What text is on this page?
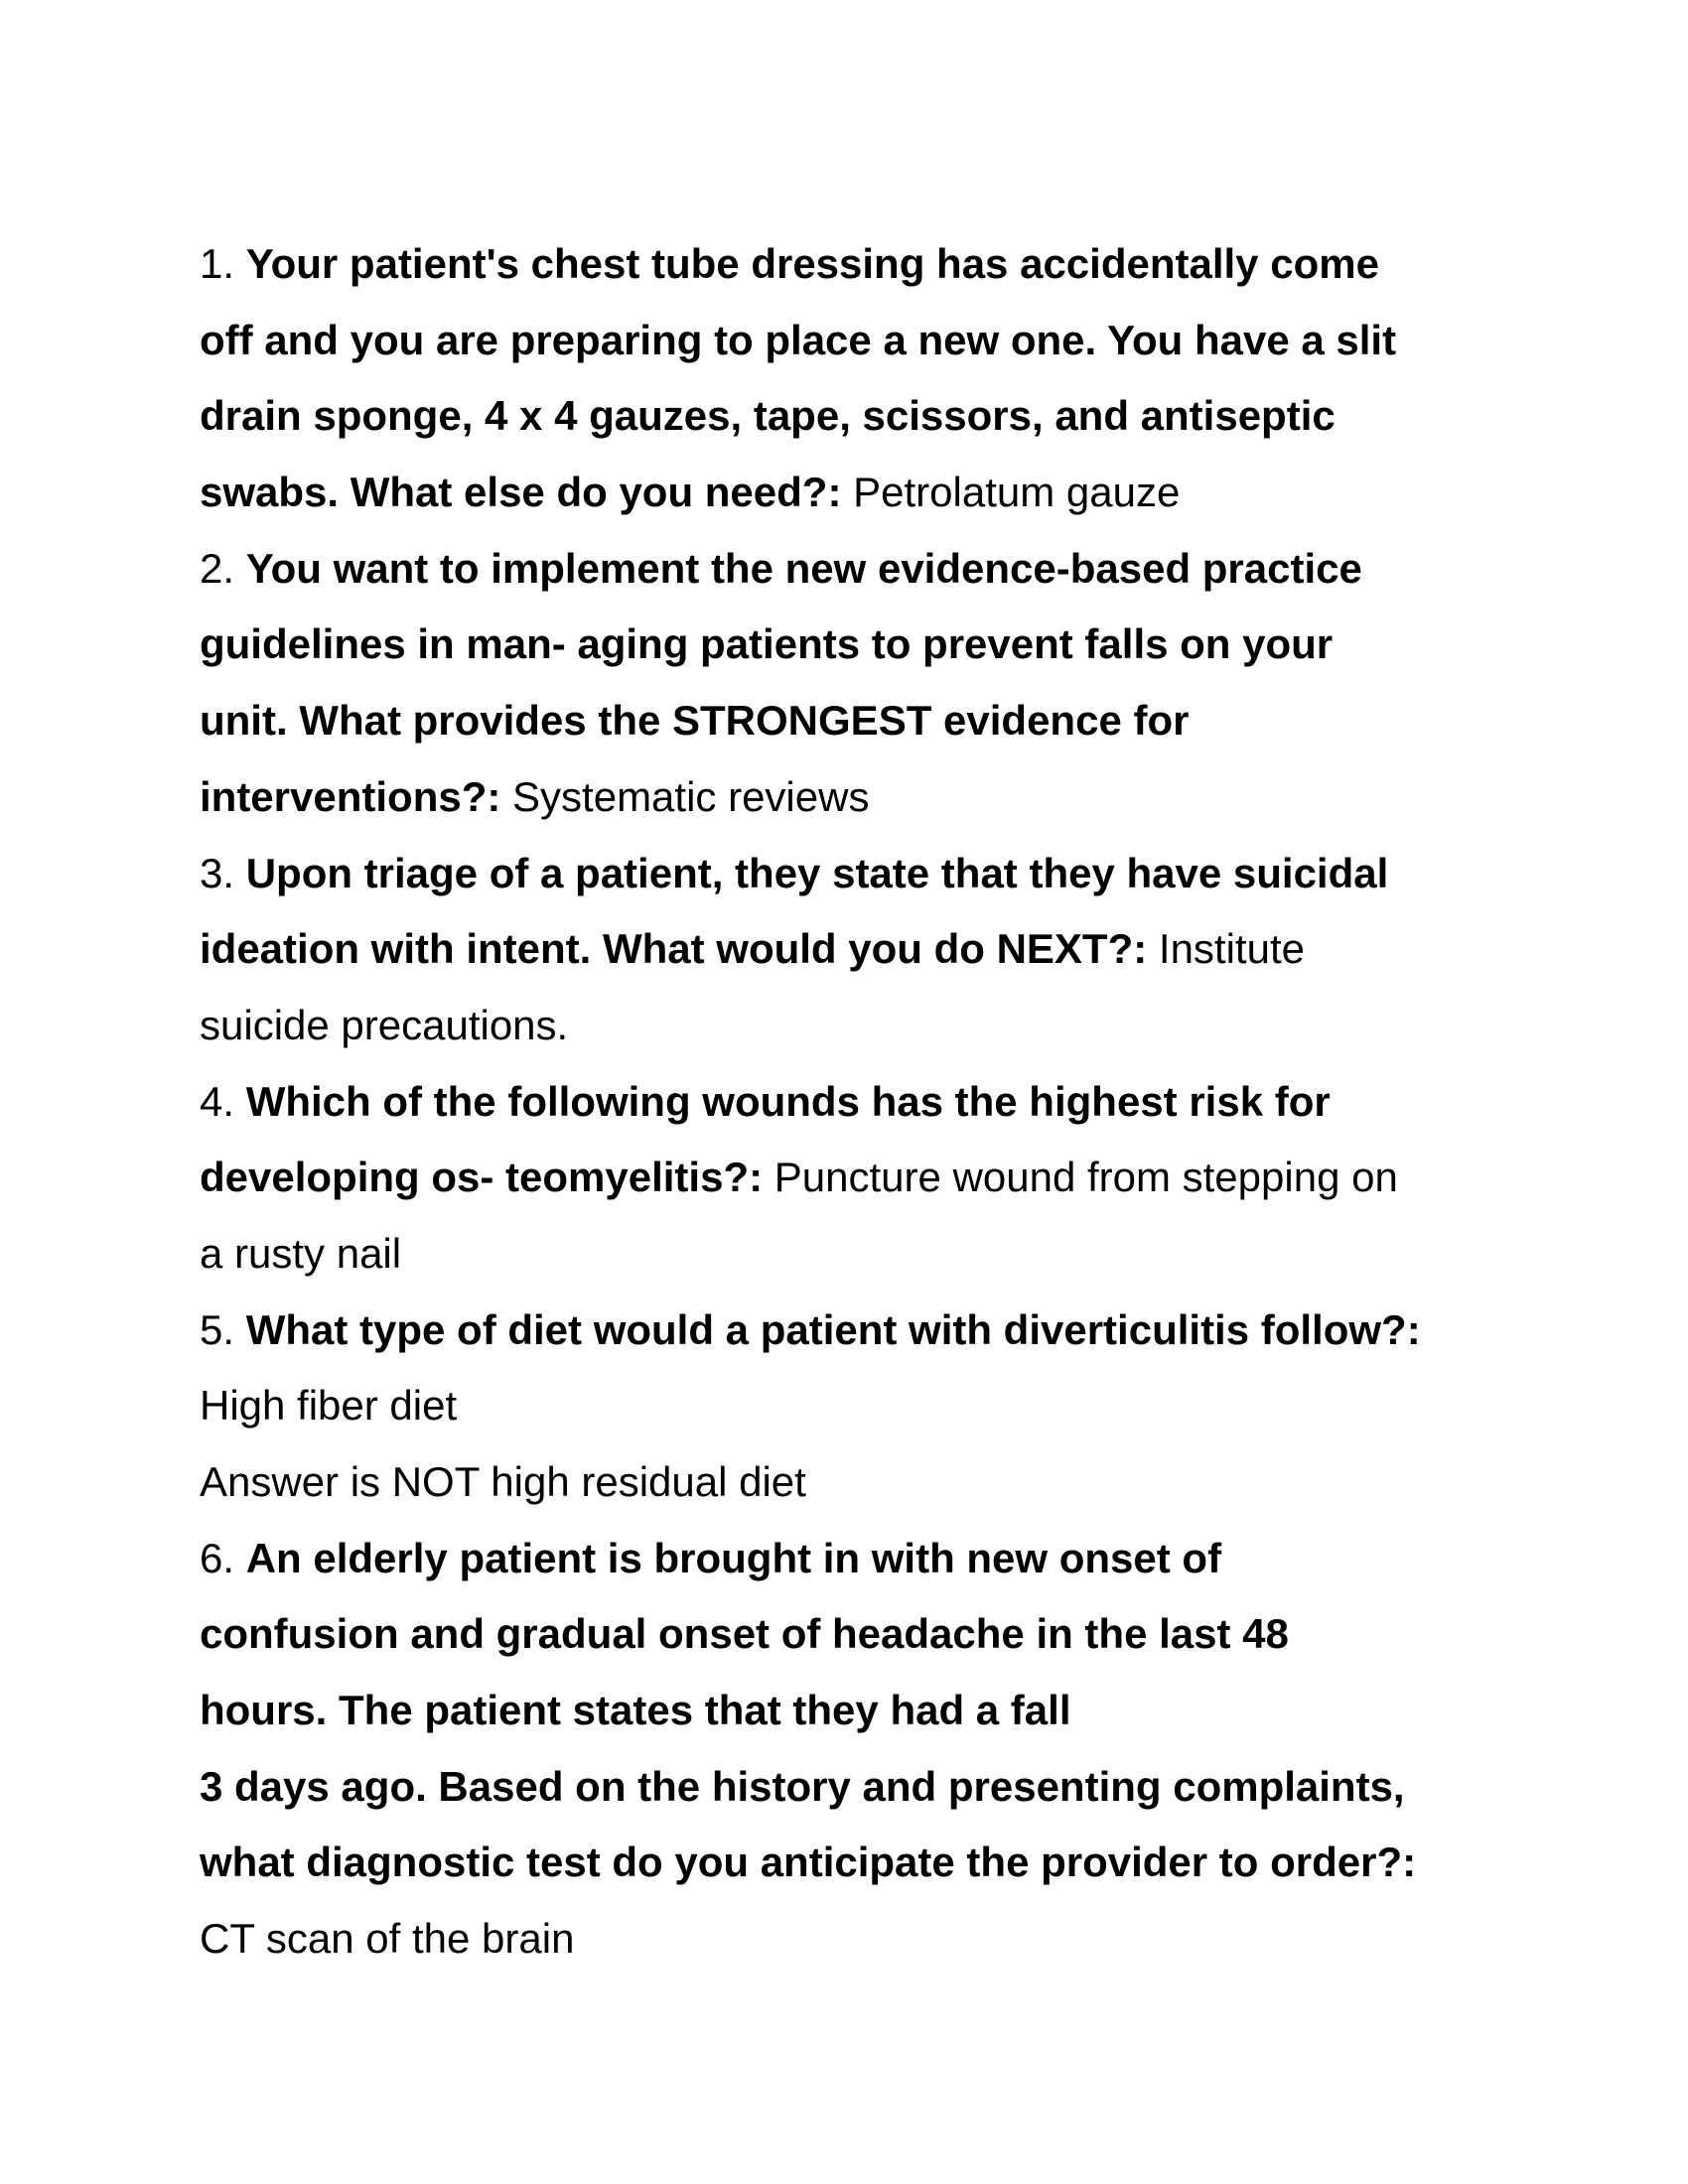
1. Your patient's chest tube dressing has accidentally come
off and you are preparing to place a new one. You have a slit
drain sponge, 4 x 4 gauzes, tape, scissors, and antiseptic
swabs. What else do you need?: Petrolatum gauze
2. You want to implement the new evidence-based practice
guidelines in man- aging patients to prevent falls on your
unit. What provides the STRONGEST evidence for
interventions?: Systematic reviews
3. Upon triage of a patient, they state that they have suicidal
ideation with intent. What would you do NEXT?: Institute
suicide precautions.
4. Which of the following wounds has the highest risk for
developing os- teomyelitis?: Puncture wound from stepping on
a rusty nail
5. What type of diet would a patient with diverticulitis follow?:
High fiber diet
Answer is NOT high residual diet
6. An elderly patient is brought in with new onset of
confusion and gradual onset of headache in the last 48
hours. The patient states that they had a fall
3 days ago. Based on the history and presenting complaints,
what diagnostic test do you anticipate the provider to order?:
CT scan of the brain
